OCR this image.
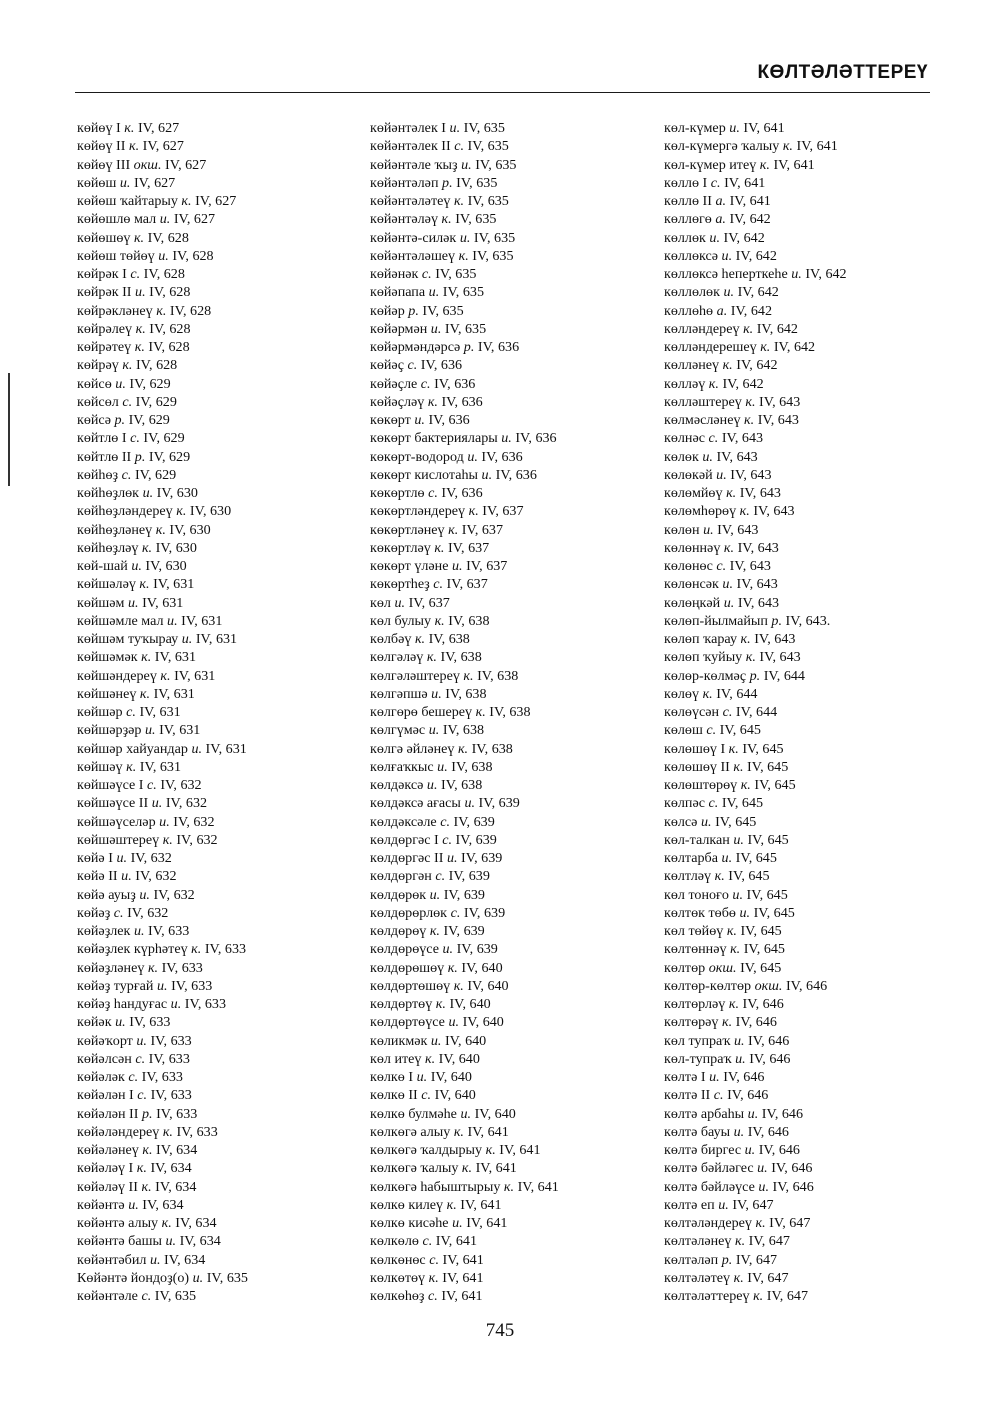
КӨЛТӘЛӘТТЕРЕҮ
көйөү I к. IV, 627
көйөү II к. IV, 627
көйөү III окш. IV, 627
көйөш и. IV, 627
көйөш ҡайтарыу к. IV, 627
көйөшлө мал и. IV, 627
көйөшөү к. IV, 628
көйөш төйөү и. IV, 628
көйрәк I с. IV, 628
көйрәк II и. IV, 628
көйрәкләнеү к. IV, 628
көйрәлеү к. IV, 628
көйрәтеү к. IV, 628
көйрәү к. IV, 628
көйсө и. IV, 629
көйсөл с. IV, 629
көйсә р. IV, 629
көйтлө I с. IV, 629
көйтлө II р. IV, 629
көйһөҙ с. IV, 629
көйһөҙлөк и. IV, 630
көйһөҙләндереү к. IV, 630
көйһөҙләнеү к. IV, 630
көйһөҙләү к. IV, 630
көй-шай и. IV, 630
көйшәләү к. IV, 631
көйшәм и. IV, 631
көйшәмле мал и. IV, 631
көйшәм туҡырау и. IV, 631
көйшәмәк к. IV, 631
көйшәндереү к. IV, 631
көйшәнеү к. IV, 631
көйшәр с. IV, 631
көйшәрҙәр и. IV, 631
көйшәр хайуандар и. IV, 631
көйшәү к. IV, 631
көйшәүсе I с. IV, 632
көйшәүсе II и. IV, 632
көйшәүселәр и. IV, 632
көйшәштереү к. IV, 632
көйә I и. IV, 632
көйә II и. IV, 632
көйә ауыҙ и. IV, 632
көйәҙ с. IV, 632
көйәҙлек и. IV, 633
көйәҙлек күрһәтеү к. IV, 633
көйәҙләнеү к. IV, 633
көйәҙ турғай и. IV, 633
көйәҙ һандуғас и. IV, 633
көйәк и. IV, 633
көйәҡорт и. IV, 633
көйәлсән с. IV, 633
көйәләк с. IV, 633
көйәлән I с. IV, 633
көйәлән II р. IV, 633
көйәләндереү к. IV, 633
көйәләнеү к. IV, 634
көйәләү I к. IV, 634
көйәләү II к. IV, 634
көйәнтә и. IV, 634
көйәнтә алыу к. IV, 634
көйәнтә башы и. IV, 634
көйәнтәбил и. IV, 634
Көйәнтә йондоҙ(о) и. IV, 635
көйәнтәле с. IV, 635
көйәнтәлек I и. IV, 635
көйәнтәлек II с. IV, 635
көйәнтәле ҡыҙ и. IV, 635
көйәнтәләп р. IV, 635
көйәнтәләтеү к. IV, 635
көйәнтәләү к. IV, 635
көйәнтә-силәк и. IV, 635
көйәнтәләшеү к. IV, 635
көйәнәк с. IV, 635
көйәпапа и. IV, 635
көйәр р. IV, 635
көйәрмән и. IV, 635
көйәрмәндәрсә р. IV, 636
көйәҫ с. IV, 636
көйәҫле с. IV, 636
көйәҫләү к. IV, 636
көкөрт и. IV, 636
көкөрт бактериялары и. IV, 636
көкөрт-водород и. IV, 636
көкөрт кислотаһы и. IV, 636
көкөртлө с. IV, 636
көкөртләндереү к. IV, 637
көкөртләнеү к. IV, 637
көкөртләү к. IV, 637
көкөрт үләне и. IV, 637
көкөртһеҙ с. IV, 637
көл и. IV, 637
көл булыу к. IV, 638
көлбәү к. IV, 638
көлгәләү к. IV, 638
көлгәләштереү к. IV, 638
көлгәпшә и. IV, 638
көлгөрө бешереү к. IV, 638
көлгүмәс и. IV, 638
көлгә әйләнеү к. IV, 638
көлғаҡкыс и. IV, 638
көлдәксә и. IV, 638
көлдәксә ағасы и. IV, 639
көлдәксәле с. IV, 639
көлдөргәс I с. IV, 639
көлдөргәс II и. IV, 639
көлдөргән с. IV, 639
көлдөрөк и. IV, 639
көлдөрөрлөк с. IV, 639
көлдөрөү к. IV, 639
көлдөрөүсе и. IV, 639
көлдөрөшөү к. IV, 640
көлдөртөшөү к. IV, 640
көлдөртөү к. IV, 640
көлдөртөүсе и. IV, 640
көликмәк и. IV, 640
көл итеү к. IV, 640
көлкө I и. IV, 640
көлкө II с. IV, 640
көлкө булмәһе и. IV, 640
көлкөгә алыу к. IV, 641
көлкөгә ҡалдырыу к. IV, 641
көлкөгә ҡалыу к. IV, 641
көлкөгә һабыштырыу к. IV, 641
көлкө килеү к. IV, 641
көлкө кисәһе и. IV, 641
көлкөлө с. IV, 641
көлкөнөс с. IV, 641
көлкөтөү к. IV, 641
көлкөһөҙ с. IV, 641
көл-күмер и. IV, 641
көл-күмергә ҡалыу к. IV, 641
көл-күмер итеү к. IV, 641
көллө I с. IV, 641
көллө II а. IV, 641
көллөгө а. IV, 642
көллөк и. IV, 642
көллөксә и. IV, 642
көллөксә һеперткеһе и. IV, 642
көллөлөк и. IV, 642
көллөһө а. IV, 642
көлләндереү к. IV, 642
көлләндерешеү к. IV, 642
көлләнеү к. IV, 642
көлләү к. IV, 642
көлләштереү к. IV, 643
көлмәсләнеү к. IV, 643
көлнәс с. IV, 643
көлөк и. IV, 643
көлөкәй и. IV, 643
көлөмйөү к. IV, 643
көлөмһөрөү к. IV, 643
көлөн и. IV, 643
көлөннәү к. IV, 643
көлөнөс с. IV, 643
көлөнсәк и. IV, 643
көлөңкәй и. IV, 643
көлөп-йылмайып р. IV, 643.
көлөп ҡарау к. IV, 643
көлөп ҡуйыу к. IV, 643
көлөр-көлмәҫ р. IV, 644
көлөү к. IV, 644
көлөүсән с. IV, 644
көлөш с. IV, 645
көлөшөү I к. IV, 645
көлөшөү II к. IV, 645
көлөштөрөү к. IV, 645
көлпәс с. IV, 645
көлсә и. IV, 645
көл-талкан и. IV, 645
көлтарба и. IV, 645
көлтләү к. IV, 645
көл тоноғо и. IV, 645
көлтөк төбө и. IV, 645
көл төйөү к. IV, 645
көлтөннәү к. IV, 645
көлтөр окш. IV, 645
көлтөр-көлтөр окш. IV, 646
көлтөрләү к. IV, 646
көлтөрәү к. IV, 646
көл тупраҡ и. IV, 646
көл-тупраҡ и. IV, 646
көлтә I и. IV, 646
көлтә II с. IV, 646
көлтә арбаһы и. IV, 646
көлтә бауы и. IV, 646
көлтә биргес и. IV, 646
көлтә бәйләгес и. IV, 646
көлтә бәйләүсе и. IV, 646
көлтә еп и. IV, 647
көлтәләндереү к. IV, 647
көлтәләнеү к. IV, 647
көлтәләп р. IV, 647
көлтәләтеү к. IV, 647
көлтәләттереү к. IV, 647
745
